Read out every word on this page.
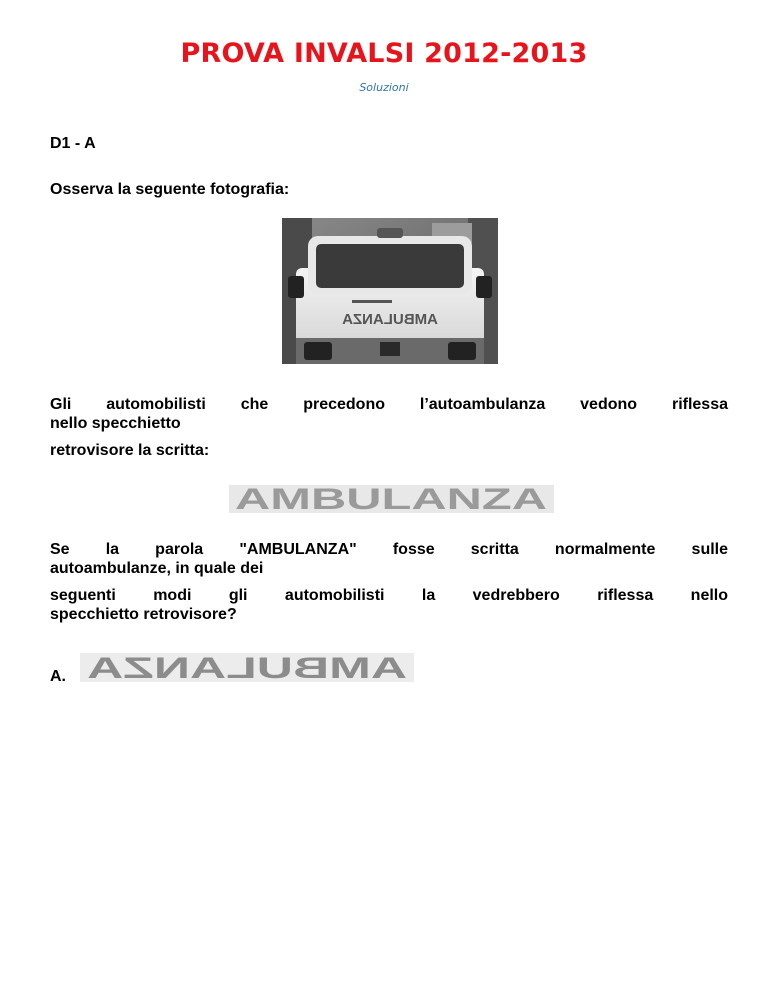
PROVA INVALSI 2012-2013
Soluzioni
D1 - A
Osserva la seguente fotografia:
AMBULANZA
Gli automobilisti che precedono l’autoambulanza vedono riflessa
nello specchietto
retrovisore la scritta:
AMBULANZA
Se la parola "AMBULANZA" fosse scritta normalmente sulle
autoambulanze, in quale dei
seguenti modi gli automobilisti la vedrebbero riflessa nello
specchietto retrovisore?
A. AMBULANZA
